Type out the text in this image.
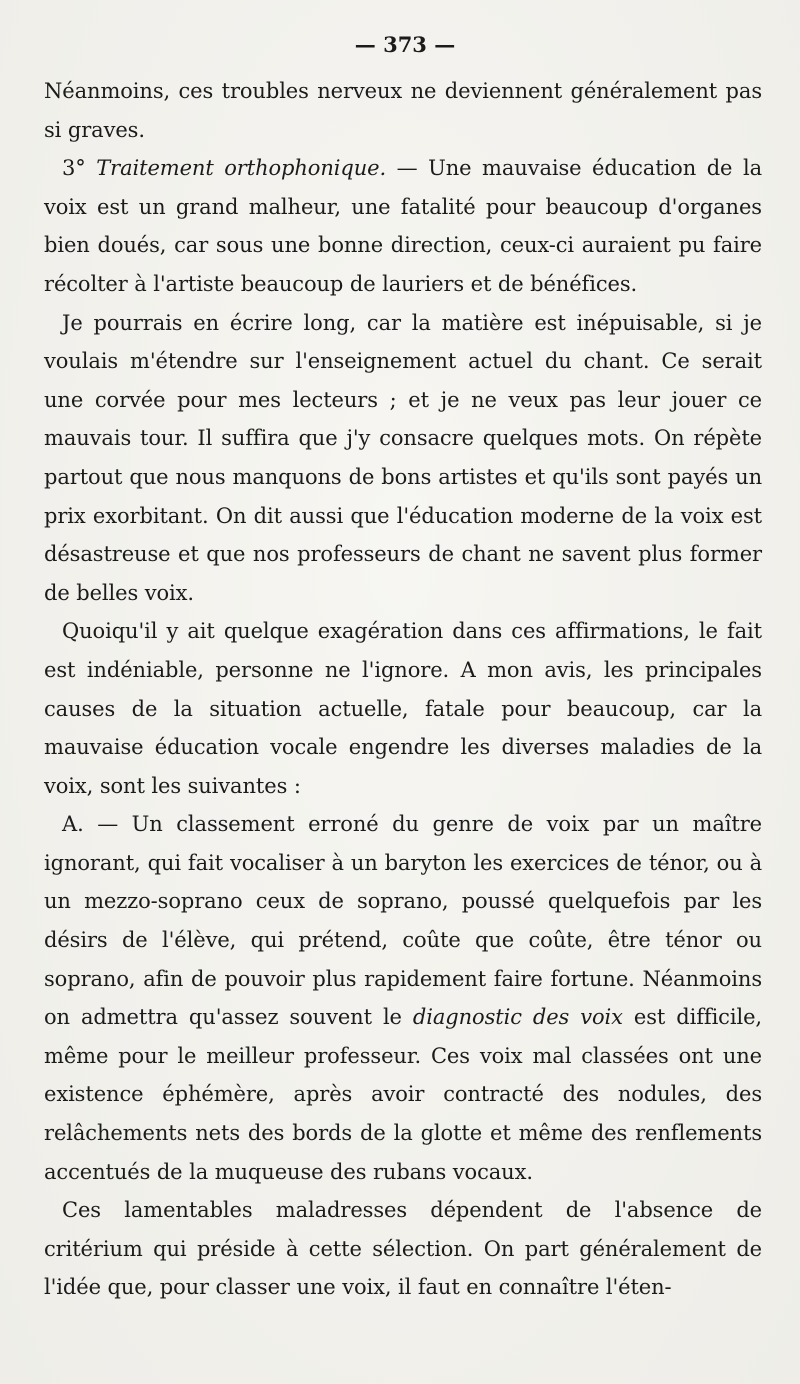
— 373 —

Néanmoins, ces troubles nerveux ne deviennent généralement pas si graves.

3° Traitement orthophonique. — Une mauvaise éducation de la voix est un grand malheur, une fatalité pour beaucoup d'organes bien doués, car sous une bonne direction, ceux-ci auraient pu faire récolter à l'artiste beaucoup de lauriers et de bénéfices.

Je pourrais en écrire long, car la matière est inépuisable, si je voulais m'étendre sur l'enseignement actuel du chant. Ce serait une corvée pour mes lecteurs ; et je ne veux pas leur jouer ce mauvais tour. Il suffira que j'y consacre quelques mots. On répète partout que nous manquons de bons artistes et qu'ils sont payés un prix exorbitant. On dit aussi que l'éducation moderne de la voix est désastreuse et que nos professeurs de chant ne savent plus former de belles voix.

Quoiqu'il y ait quelque exagération dans ces affirmations, le fait est indéniable, personne ne l'ignore. A mon avis, les principales causes de la situation actuelle, fatale pour beaucoup, car la mauvaise éducation vocale engendre les diverses maladies de la voix, sont les suivantes :

A. — Un classement erroné du genre de voix par un maître ignorant, qui fait vocaliser à un baryton les exercices de ténor, ou à un mezzo-soprano ceux de soprano, poussé quelquefois par les désirs de l'élève, qui prétend, coûte que coûte, être ténor ou soprano, afin de pouvoir plus rapidement faire fortune. Néanmoins on admettra qu'assez souvent le diagnostic des voix est difficile, même pour le meilleur professeur. Ces voix mal classées ont une existence éphémère, après avoir contracté des nodules, des relâchements nets des bords de la glotte et même des renflements accentués de la muqueuse des rubans vocaux.

Ces lamentables maladresses dépendent de l'absence de critérium qui préside à cette sélection. On part généralement de l'idée que, pour classer une voix, il faut en connaître l'éten-
